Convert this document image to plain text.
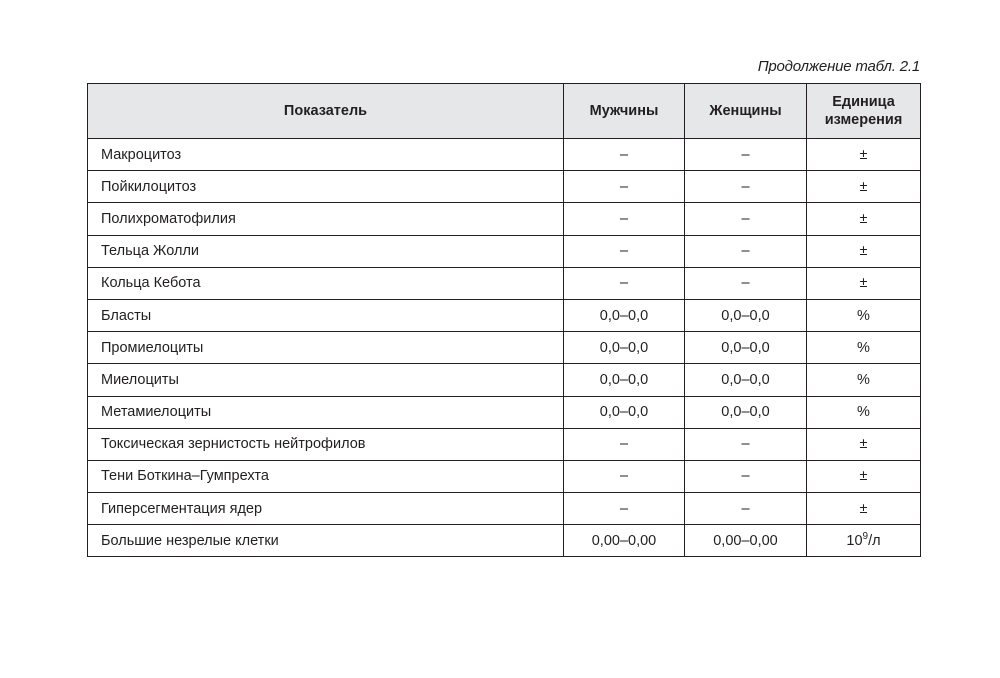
Продолжение табл. 2.1
Показатель	Мужчины	Женщины	Единица
измерения
Макроцитоз	–	–	±
Пойкилоцитоз	–	–	±
Полихроматофилия	–	–	±
Тельца Жолли	–	–	±
Кольца Кебота	–	–	±
Бласты	0,0–0,0	0,0–0,0	%
Промиелоциты	0,0–0,0	0,0–0,0	%
Миелоциты	0,0–0,0	0,0–0,0	%
Метамиелоциты	0,0–0,0	0,0–0,0	%
Токсическая зернистость нейтрофилов	–	–	±
Тени Боткина–Гумпрехта	–	–	±
Гиперсегментация ядер	–	–	±
Большие незрелые клетки	0,00–0,00	0,00–0,00	$10^9/л$
